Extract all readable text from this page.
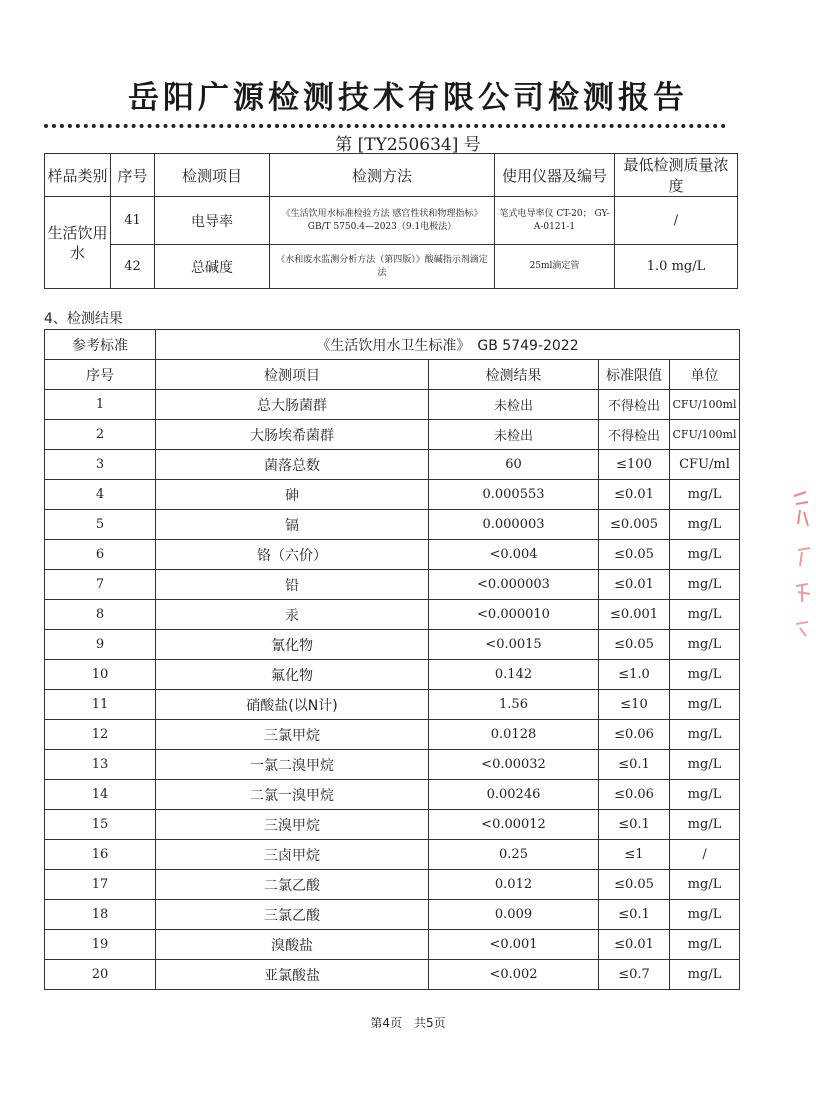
岳阳广源检测技术有限公司检测报告
第 [TY250634] 号
样品类别	序号	检测项目	检测方法	使用仪器及编号	最低检测质量浓度
生活饮用水	41	电导率	《生活饮用水标准检验方法 感官性状和物理指标》GB/T 5750.4—2023（9.1电极法）	笔式电导率仪 CT-20； GY-A-0121-1	/
	42	总碱度	《水和废水监测分析方法（第四版）》酸碱指示剂滴定法	25ml滴定管	1.0 mg/L
4、检测结果
参考标准	《生活饮用水卫生标准》　GB 5749-2022			
序号	检测项目	检测结果	标准限值	单位
1	总大肠菌群	未检出	不得检出	CFU/100ml
2	大肠埃希菌群	未检出	不得检出	CFU/100ml
3	菌落总数	60	≤100	CFU/ml
4	砷	0.000553	≤0.01	mg/L
5	镉	0.000003	≤0.005	mg/L
6	铬（六价）	<0.004	≤0.05	mg/L
7	铅	<0.000003	≤0.01	mg/L
8	汞	<0.000010	≤0.001	mg/L
9	氰化物	<0.0015	≤0.05	mg/L
10	氟化物	0.142	≤1.0	mg/L
11	硝酸盐(以N计)	1.56	≤10	mg/L
12	三氯甲烷	0.0128	≤0.06	mg/L
13	一氯二溴甲烷	<0.00032	≤0.1	mg/L
14	二氯一溴甲烷	0.00246	≤0.06	mg/L
15	三溴甲烷	<0.00012	≤0.1	mg/L
16	三卤甲烷	0.25	≤1	/
17	二氯乙酸	0.012	≤0.05	mg/L
18	三氯乙酸	0.009	≤0.1	mg/L
19	溴酸盐	<0.001	≤0.01	mg/L
20	亚氯酸盐	<0.002	≤0.7	mg/L
第4页　共5页
